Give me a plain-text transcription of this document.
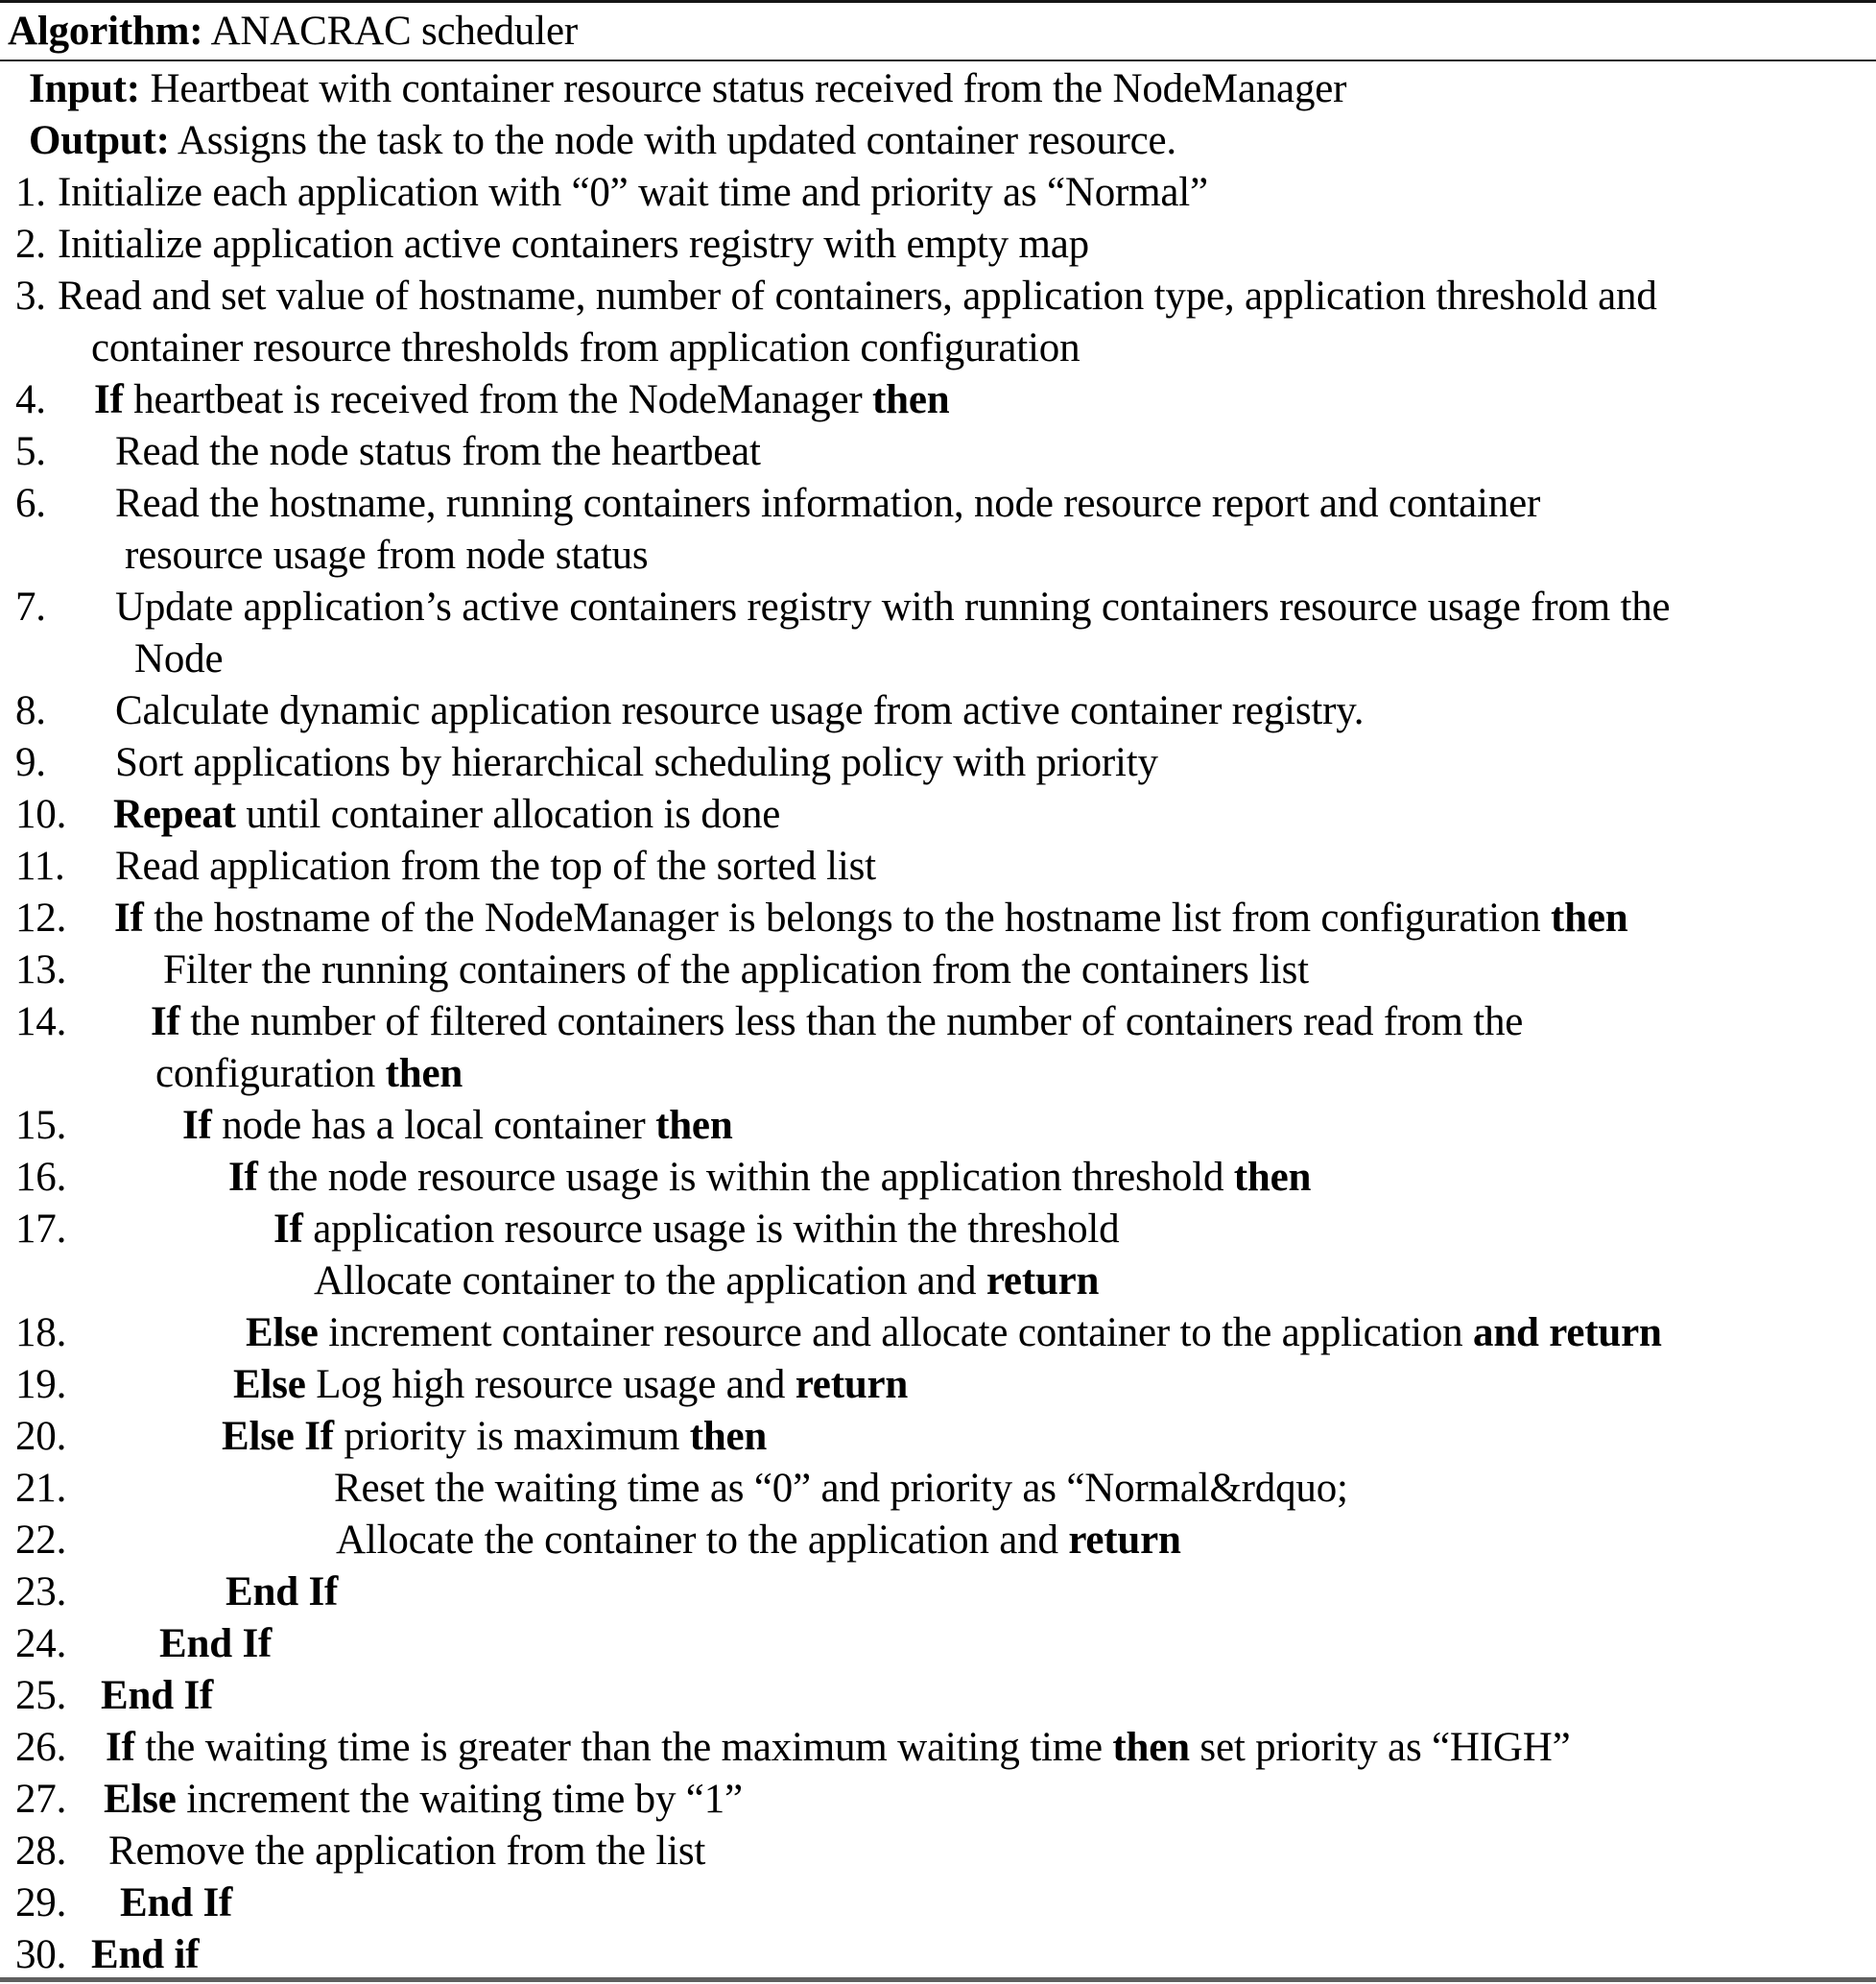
Algorithm: ANACRAC scheduler
Input: Heartbeat with container resource status received from the NodeManager
Output: Assigns the task to the node with updated container resource.
1. Initialize each application with “0” wait time and priority as “Normal”
2. Initialize application active containers registry with empty map
3. Read and set value of hostname, number of containers, application type, application threshold and
container resource thresholds from application configuration
4. If heartbeat is received from the NodeManager then
5. Read the node status from the heartbeat
6. Read the hostname, running containers information, node resource report and container
resource usage from node status
7. Update application’s active containers registry with running containers resource usage from the
Node
8. Calculate dynamic application resource usage from active container registry.
9. Sort applications by hierarchical scheduling policy with priority
10. Repeat until container allocation is done
11. Read application from the top of the sorted list
12. If the hostname of the NodeManager is belongs to the hostname list from configuration then
13. Filter the running containers of the application from the containers list
14. If the number of filtered containers less than the number of containers read from the
configuration then
15.	If node has a local container then
16.	If the node resource usage is within the application threshold then
17.	If application resource usage is within the threshold
Allocate container to the application and return
18.	Else increment container resource and allocate container to the application and return
19.	Else Log high resource usage and return
20.	Else If priority is maximum then
21.	Reset the waiting time as “0” and priority as “Normal&rdquo;
22.	Allocate the container to the application and return
23.	End If
24. End If
25. End If
26. If the waiting time is greater than the maximum waiting time then set priority as “HIGH”
27. Else increment the waiting time by “1”
28. Remove the application from the list
29. End If
30. End if
